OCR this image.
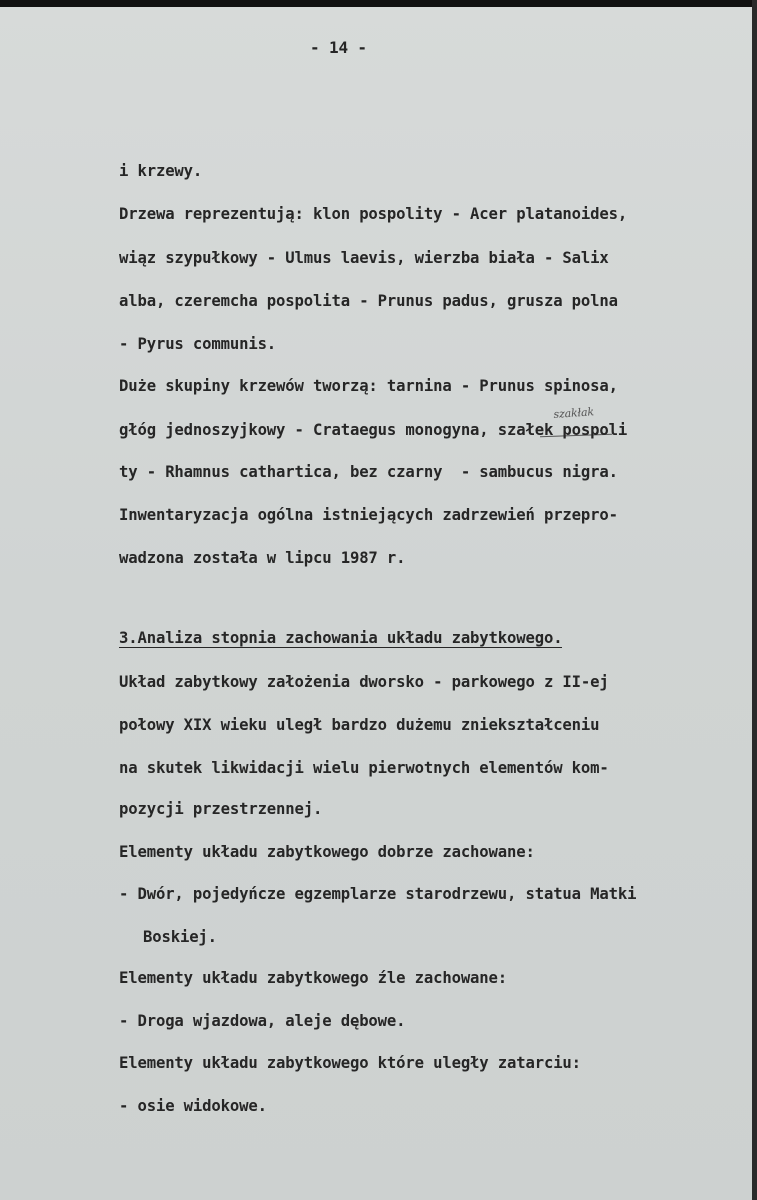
- 14 -
i krzewy.
Drzewa reprezentują: klon pospolity - Acer platanoides,
wiąz szypułkowy - Ulmus laevis, wierzba biała - Salix
alba, czeremcha pospolita - Prunus padus, grusza polna
- Pyrus communis.
Duże skupiny krzewów tworzą: tarnina - Prunus spinosa,
szakłak
głóg jednoszyjkowy - Crataegus monogyna, szałek pospoli
ty - Rhamnus cathartica, bez czarny  - sambucus nigra.
Inwentaryzacja ogólna istniejących zadrzewień przepro-
wadzona została w lipcu 1987 r.
3.Analiza stopnia zachowania układu zabytkowego.
Układ zabytkowy założenia dworsko - parkowego z II-ej
połowy XIX wieku uległ bardzo dużemu zniekształceniu
na skutek likwidacji wielu pierwotnych elementów kom-
pozycji przestrzennej.
Elementy układu zabytkowego dobrze zachowane:
- Dwór, pojedyńcze egzemplarze starodrzewu, statua Matki
Boskiej.
Elementy układu zabytkowego źle zachowane:
- Droga wjazdowa, aleje dębowe.
Elementy układu zabytkowego które uległy zatarciu:
- osie widokowe.
